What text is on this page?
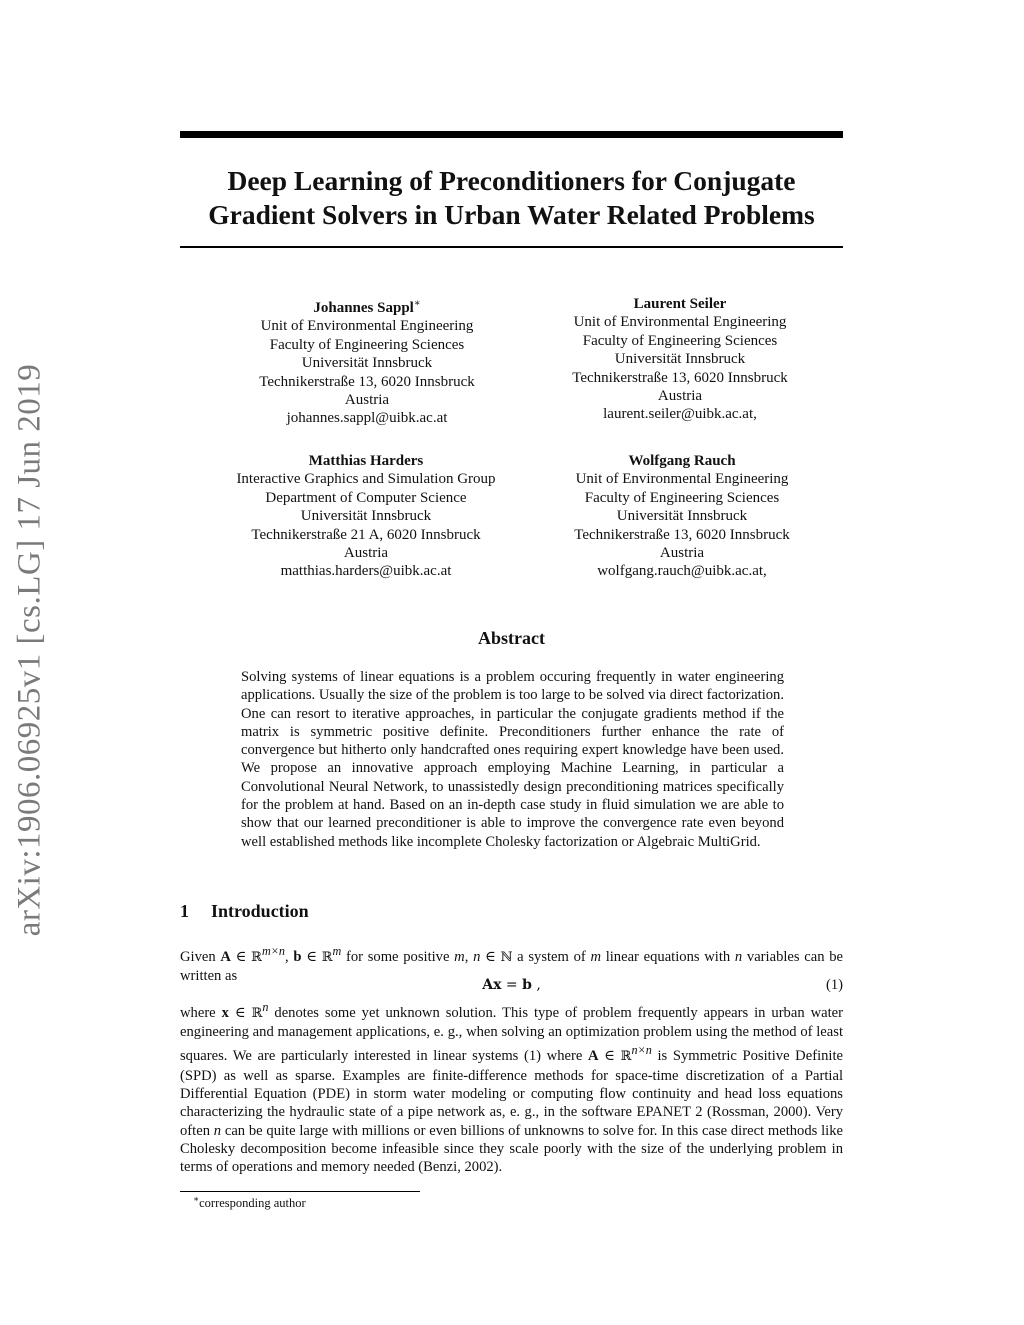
arXiv:1906.06925v1 [cs.LG] 17 Jun 2019
Deep Learning of Preconditioners for Conjugate
Gradient Solvers in Urban Water Related Problems
Johannes Sappl∗
Unit of Environmental Engineering
Faculty of Engineering Sciences
Universität Innsbruck
Technikerstraße 13, 6020 Innsbruck
Austria
johannes.sappl@uibk.ac.at
Laurent Seiler
Unit of Environmental Engineering
Faculty of Engineering Sciences
Universität Innsbruck
Technikerstraße 13, 6020 Innsbruck
Austria
laurent.seiler@uibk.ac.at,
Matthias Harders
Interactive Graphics and Simulation Group
Department of Computer Science
Universität Innsbruck
Technikerstraße 21 A, 6020 Innsbruck
Austria
matthias.harders@uibk.ac.at
Wolfgang Rauch
Unit of Environmental Engineering
Faculty of Engineering Sciences
Universität Innsbruck
Technikerstraße 13, 6020 Innsbruck
Austria
wolfgang.rauch@uibk.ac.at,
Abstract
Solving systems of linear equations is a problem occuring frequently in water engineering applications. Usually the size of the problem is too large to be solved via direct factorization. One can resort to iterative approaches, in particular the conjugate gradients method if the matrix is symmetric positive definite. Preconditioners further enhance the rate of convergence but hitherto only handcrafted ones requiring expert knowledge have been used. We propose an innovative approach employing Machine Learning, in particular a Convolutional Neural Network, to unassistedly design preconditioning matrices specifically for the problem at hand. Based on an in-depth case study in fluid simulation we are able to show that our learned preconditioner is able to improve the convergence rate even beyond well established methods like incomplete Cholesky factorization or Algebraic MultiGrid.
1 Introduction
Given A ∈ ℝ$^{m\times n}$, b ∈ ℝ$^m$ for some positive m, n ∈ ℕ a system of m linear equations with n variables can be written as
Ax = b ,	(1)
where x ∈ ℝ$^n$ denotes some yet unknown solution. This type of problem frequently appears in urban water engineering and management applications, e. g., when solving an optimization problem using the method of least squares. We are particularly interested in linear systems (1) where A ∈ ℝ$^{n\times n}$ is Symmetric Positive Definite (SPD) as well as sparse. Examples are finite-difference methods for space-time discretization of a Partial Differential Equation (PDE) in storm water modeling or computing flow continuity and head loss equations characterizing the hydraulic state of a pipe network as, e. g., in the software EPANET 2 (Rossman, 2000). Very often n can be quite large with millions or even billions of unknowns to solve for. In this case direct methods like Cholesky decomposition become infeasible since they scale poorly with the size of the underlying problem in terms of operations and memory needed (Benzi, 2002).
∗corresponding author
